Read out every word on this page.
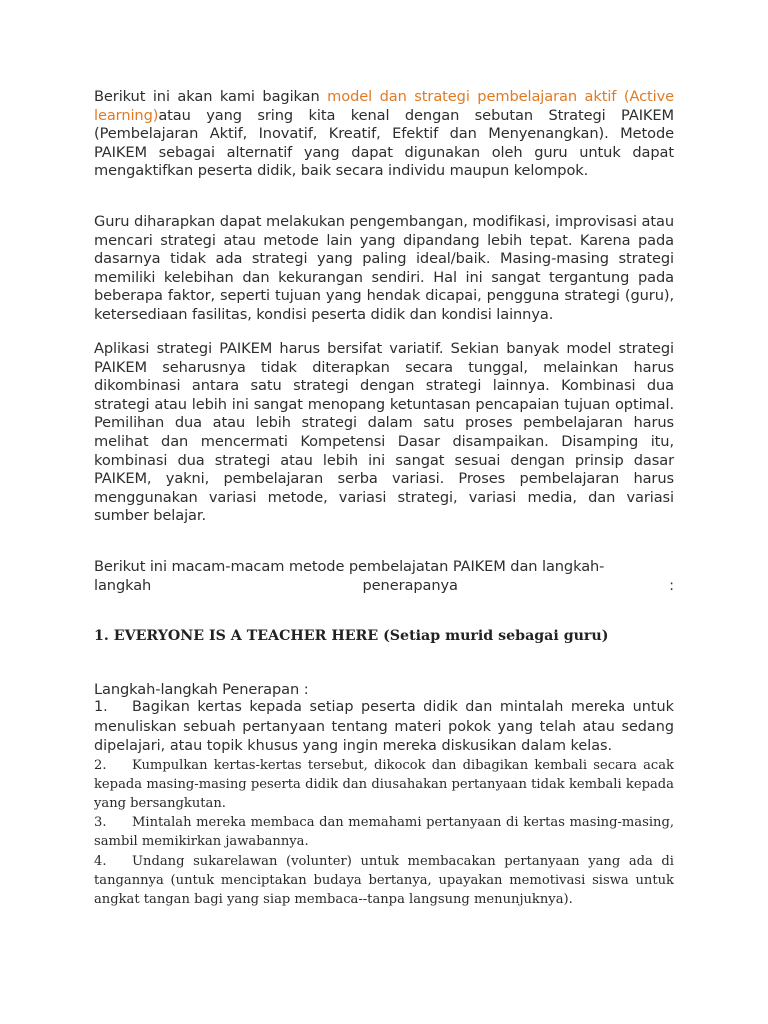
Berikut ini akan kami bagikan model dan strategi pembelajaran aktif (Active learning)atau yang sring kita kenal dengan sebutan Strategi PAIKEM (Pembelajaran Aktif, Inovatif, Kreatif, Efektif dan Menyenangkan). Metode PAIKEM sebagai alternatif yang dapat digunakan oleh guru untuk dapat mengaktifkan peserta didik, baik secara individu maupun kelompok.

Guru diharapkan dapat melakukan pengembangan, modifikasi, improvisasi atau mencari strategi atau metode lain yang dipandang lebih tepat. Karena pada dasarnya tidak ada strategi yang paling ideal/baik. Masing-masing strategi memiliki kelebihan dan kekurangan sendiri. Hal ini sangat tergantung pada beberapa faktor, seperti tujuan yang hendak dicapai, pengguna strategi (guru), ketersediaan fasilitas, kondisi peserta didik dan kondisi lainnya.

Aplikasi strategi PAIKEM harus bersifat variatif. Sekian banyak model strategi PAIKEM seharusnya tidak diterapkan secara tunggal, melainkan harus dikombinasi antara satu strategi dengan strategi lainnya. Kombinasi dua strategi atau lebih ini sangat menopang ketuntasan pencapaian tujuan optimal. Pemilihan dua atau lebih strategi dalam satu proses pembelajaran harus melihat dan mencermati Kompetensi Dasar disampaikan. Disamping itu, kombinasi dua strategi atau lebih ini sangat sesuai dengan prinsip dasar PAIKEM, yakni, pembelajaran serba variasi. Proses pembelajaran harus menggunakan variasi metode, variasi strategi, variasi media, dan variasi sumber belajar.

Berikut ini macam-macam metode pembelajatan PAIKEM dan langkah-
langkah	penerapanya	:
1. EVERYONE IS A TEACHER HERE (Setiap murid sebagai guru)
Langkah-langkah Penerapan :

1. Bagikan kertas kepada setiap peserta didik dan mintalah mereka untuk menuliskan sebuah pertanyaan tentang materi pokok yang telah atau sedang dipelajari, atau topik khusus yang ingin mereka diskusikan dalam kelas.

2. Kumpulkan kertas-kertas tersebut, dikocok dan dibagikan kembali secara acak kepada masing-masing peserta didik dan diusahakan pertanyaan tidak kembali kepada yang bersangkutan.

3. Mintalah mereka membaca dan memahami pertanyaan di kertas masing-masing, sambil memikirkan jawabannya.

4. Undang sukarelawan (volunter) untuk membacakan pertanyaan yang ada di tangannya (untuk menciptakan budaya bertanya, upayakan memotivasi siswa untuk angkat tangan bagi yang siap membaca--tanpa langsung menunjuknya).
